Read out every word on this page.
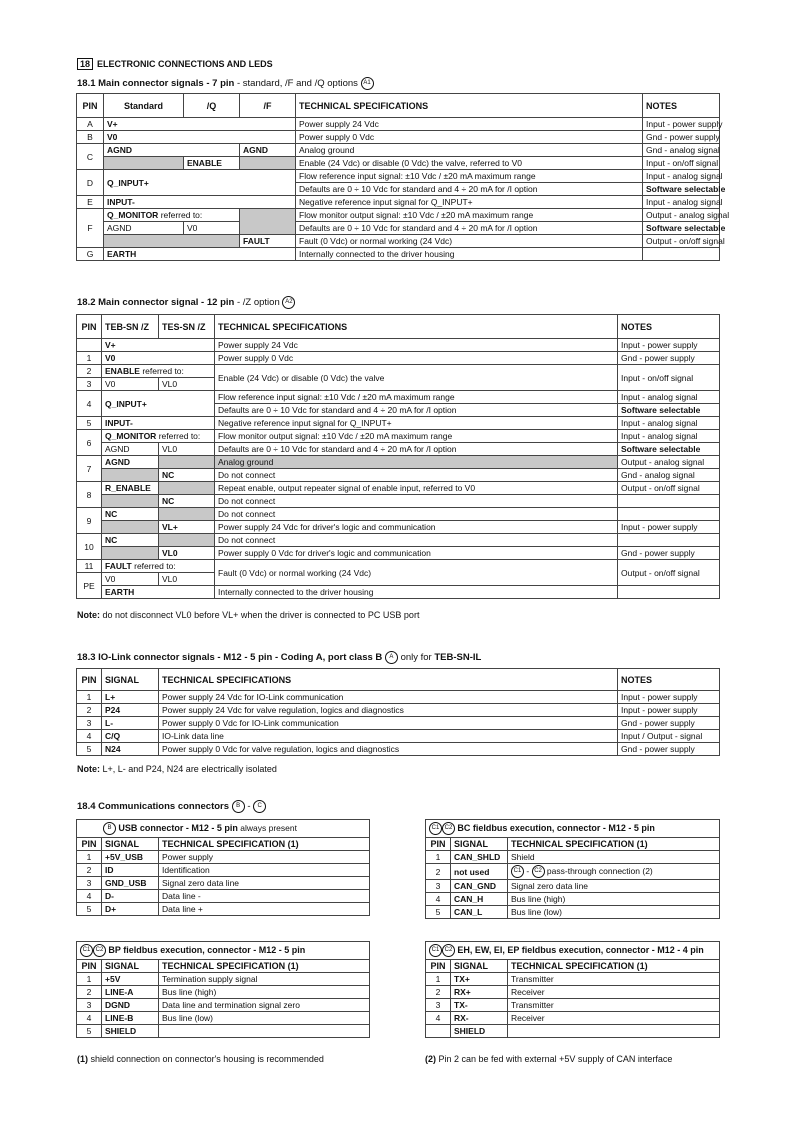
18 ELECTRONIC CONNECTIONS AND LEDS
18.1 Main connector signals - 7 pin - standard, /F and /Q options A1
PIN	Standard	/Q	/F	TECHNICAL SPECIFICATIONS	NOTES
A	V+			Power supply 24 Vdc	Input - power supply
B	V0			Power supply 0 Vdc	Gnd - power supply
C	AGND		AGND	Analog ground	Gnd - analog signal
		ENABLE		Enable (24 Vdc) or disable (0 Vdc) the valve, referred to V0	Input - on/off signal
D	Q_INPUT+			Flow reference input signal: ±10 Vdc / ±20 mA maximum range	Input - analog signal
				Defaults are 0 ÷ 10 Vdc for standard and 4 ÷ 20 mA for /I option	Software selectable
E	INPUT-			Negative reference input signal for Q_INPUT+	Input - analog signal
F	Q_MONITOR referred to:			Flow monitor output signal: ±10 Vdc / ±20 mA maximum range	Output - analog signal
	AGND	V0		Defaults are 0 ÷ 10 Vdc for standard and 4 ÷ 20 mA for /I option	Software selectable
			FAULT	Fault (0 Vdc) or normal working (24 Vdc)	Output - on/off signal
G	EARTH			Internally connected to the driver housing	
18.2 Main connector signal - 12 pin - /Z option A2
PIN	TEB-SN /Z	TES-SN /Z	TECHNICAL SPECIFICATIONS	NOTES
	V+		Power supply 24 Vdc	Input - power supply
1	V0		Power supply 0 Vdc	Gnd - power supply
2	ENABLE referred to:		Enable (24 Vdc) or disable (0 Vdc) the valve	Input - on/off signal
3	V0	VL0		
4	Q_INPUT+		Flow reference input signal: ±10 Vdc / ±20 mA maximum range	Input - analog signal
			Defaults are 0 ÷ 10 Vdc for standard and 4 ÷ 20 mA for /I option	Software selectable
5	INPUT-		Negative reference input signal for Q_INPUT+	Input - analog signal
6	Q_MONITOR referred to:		Flow monitor output signal: ±10 Vdc / ±20 mA maximum range	Input - analog signal
	AGND	VL0	Defaults are 0 ÷ 10 Vdc for standard and 4 ÷ 20 mA for /I option	Software selectable
7	AGND		Analog ground	Output - analog signal
		NC	Do not connect	Gnd - analog signal
8	R_ENABLE		Repeat enable, output repeater signal of enable input, referred to V0	Output - on/off signal
		NC	Do not connect	
9	NC		Do not connect	
		VL+	Power supply 24 Vdc for driver's logic and communication	Input - power supply
10	NC		Do not connect	
		VL0	Power supply 0 Vdc for driver's logic and communication	Gnd - power supply
11	FAULT referred to:		Fault (0 Vdc) or normal working (24 Vdc)	Output - on/off signal
PE	V0	VL0		
	EARTH		Internally connected to the driver housing	
Note: do not disconnect VL0 before VL+ when the driver is connected to PC USB port
18.3 IO-Link connector signals - M12 - 5 pin - Coding A, port class B A only for TEB-SN-IL
PIN	SIGNAL	TECHNICAL SPECIFICATIONS	NOTES
1	L+	Power supply 24 Vdc for IO-Link communication	Input - power supply
2	P24	Power supply 24 Vdc for valve regulation, logics and diagnostics	Input - power supply
3	L-	Power supply 0 Vdc for IO-Link communication	Gnd - power supply
4	C/Q	IO-Link data line	Input / Output - signal
5	N24	Power supply 0 Vdc for valve regulation, logics and diagnostics	Gnd - power supply
Note: L+, L- and P24, N24 are electrically isolated
18.4 Communications connectors B - C
B USB connector - M12 - 5 pin always present		
PIN	SIGNAL	TECHNICAL SPECIFICATION (1)
1	+5V_USB	Power supply
2	ID	Identification
3	GND_USB	Signal zero data line
4	D-	Data line -
5	D+	Data line +
C1 C2 BC fieldbus execution, connector - M12 - 5 pin		
PIN	SIGNAL	TECHNICAL SPECIFICATION (1)
1	CAN_SHLD	Shield
2	not used	C1 - C2 pass-through connection (2)
3	CAN_GND	Signal zero data line
4	CAN_H	Bus line (high)
5	CAN_L	Bus line (low)
C1 C2 BP fieldbus execution, connector - M12 - 5 pin		
PIN	SIGNAL	TECHNICAL SPECIFICATION (1)
1	+5V	Termination supply signal
2	LINE-A	Bus line (high)
3	DGND	Data line and termination signal zero
4	LINE-B	Bus line (low)
5	SHIELD	
C1 C2 EH, EW, EI, EP fieldbus execution, connector - M12 - 4 pin		
PIN	SIGNAL	TECHNICAL SPECIFICATION (1)
1	TX+	Transmitter
2	RX+	Receiver
3	TX-	Transmitter
4	RX-	Receiver
	SHIELD	
(1) shield connection on connector's housing is recommended	(2) Pin 2 can be fed with external +5V supply of CAN interface
